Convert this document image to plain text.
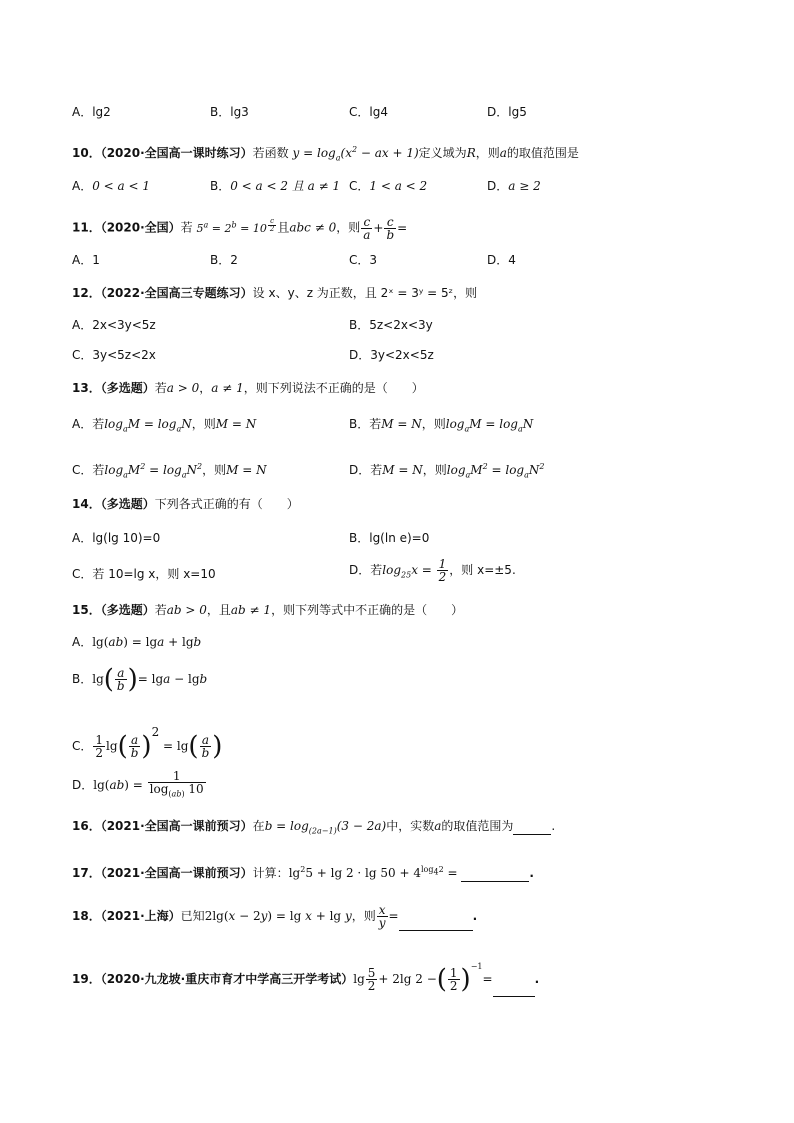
A．lg2	B．lg3	C．lg4	D．lg5
10．（2020·全国高一课时练习）若函数 $y = \log_a(x^2$ − ax + 1)定义域为R，则a的取值范围是
A．0 < a < 1	B．0 < a < 2 且 a ≠ 1 C．1 < a < 2	D．a ≥ 2
11．（2020·全国）若 $5^a = 2^b = 10$ $^{\frac{c}{2}}$ 且abc ≠ 0，则 $\frac{c}{a} + \frac{c}{b}$ =
A．1	B．2	C．3	D．4
12．（2022·全国高三专题练习）设 x、y、z 为正数，且 2ˣ = 3ʸ = 5ᶻ，则
A．2x<3y<5z	B．5z<2x<3y
C．3y<5z<2x	D．3y<2x<5z
13．（多选题）若a > 0，a ≠ 1，则下列说法不正确的是（　　）
A．若$\log_aM = \log_aN$，则M = N	B．若M = N，则$\log_aM = \log_aN$
C．若$\log_aM^2 = \log_aN^2$，则M = N	D．若M = N，则$\log_aM^2 = \log_aN^2$
14．（多选题）下列各式正确的有（　　）
A．lg(lg 10)=0	B．lg(ln e)=0
C．若 10=lg x，则 x=10	D．若$\log_{25}x = \frac{1}{2}$ ，则 x=±5.
15．（多选题）若ab > 0，且ab ≠ 1，则下列等式中不正确的是（　　）
A．lg(ab) = lga + lgb
B．$\lg( \frac{a}{b}$ )= lga − lgb
C． $\frac{1}{2} \lg( \frac{a}{b} )^2 = \lg( \frac{a}{b}$ )
D．$\lg(ab) = \frac{1}{\log_{(ab)} 10}$
16．（2021·全国高一课前预习）在$b = \log_{(2a-1)}(3 - 2a)$中，实数a的取值范围为	.
17．（2021·全国高一课前预习）计算：$\lg^25 + \lg 2 \cdot \lg 50 + 4^{log_42}$ =	.
18．（2021·上海）已知2lg(x − 2y) = lg x + lg y，则 $\frac{x}{y}$ =	.
19．（2020·九龙坡·重庆市育才中学高三开学考试）$\lg \frac{5}{2} + 2\lg$ 2 −( $\frac{1}{2} )^{-1}=$	.
